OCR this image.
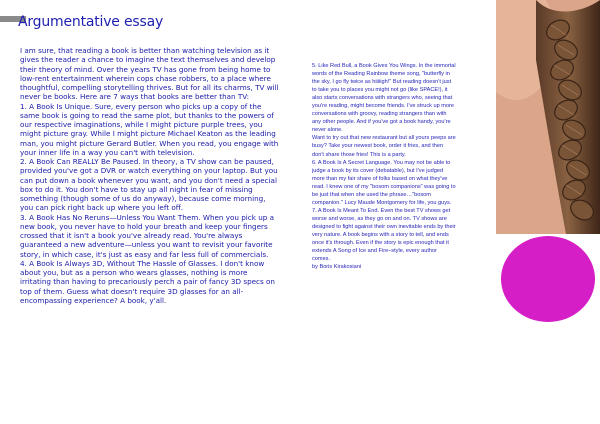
Argumentative essay

I am sure, that reading a book is better than watching television as it gives the reader a chance to imagine the text themselves and develop their theory of mind. Over the years TV has gone from being home to low-rent entertainment wherein cops chase robbers, to a place where thoughtful, compelling storytelling thrives. But for all its charms, TV will never be books. Here are 7 ways that books are better than TV:

1. A Book Is Unique. Sure, every person who picks up a copy of the same book is going to read the same plot, but thanks to the powers of our respective imaginations, while I might picture purple trees, you might picture gray. While I might picture Michael Keaton as the leading man, you might picture Gerard Butler. When you read, you engage with your inner life in a way you can't with television.

2. A Book Can REALLY Be Paused. In theory, a TV show can be paused, provided you've got a DVR or watch everything on your laptop. But you can put down a book whenever you want, and you don't need a special box to do it. You don't have to stay up all night in fear of missing something (though some of us do anyway), because come morning, you can pick right back up where you left off.

3. A Book Has No Reruns—Unless You Want Them. When you pick up a new book, you never have to hold your breath and keep your fingers crossed that it isn't a book you've already read. You're always guaranteed a new adventure—unless you want to revisit your favorite story, in which case, it's just as easy and far less full of commercials.

4. A Book Is Always 3D, Without The Hassle of Glasses. I don't know about you, but as a person who wears glasses, nothing is more irritating than having to precariously perch a pair of fancy 3D specs on top of them. Guess what doesn't require 3D glasses for an all-encompassing experience? A book, y'all.

5. Like Red Bull, a Book Gives You Wings. In the immortal words of the Reading Rainbow theme song, "butterfly in the sky, I go fly twice as hiiiiigh!" But reading doesn't just to take you to places you might not go (like SPACE!), it also starts conversations with strangers who, seeing that you're reading, might become friends. I've struck up more conversations with groovy, reading strangers than with any other people. And if you've got a book handy, you're never alone.

Want to try out that new restaurant but all yours peeps are busy? Take your newest book, order it fries, and then don't share those fries! This is a party.

6. A Book Is A Secret Language. You may not be able to judge a book by its cover (debatable), but I've judged more than my fair share of folks based on what they've read. I knew one of my "bosom companions" was going to be just that when she used the phrase…"bosom companion." Lucy Maude Montgomery for life, you guys.

7. A Book Is Meant To End. Even the best TV shows get worse and worse, as they go on and on. TV shows are designed to fight against their own inevitable ends by their very nature. A book begins with a story to tell, and ends once it's through. Even if the story is epic enough that it extends A Song of Ice and Fire–style, every author comes.

by Boris Kirakosiani
